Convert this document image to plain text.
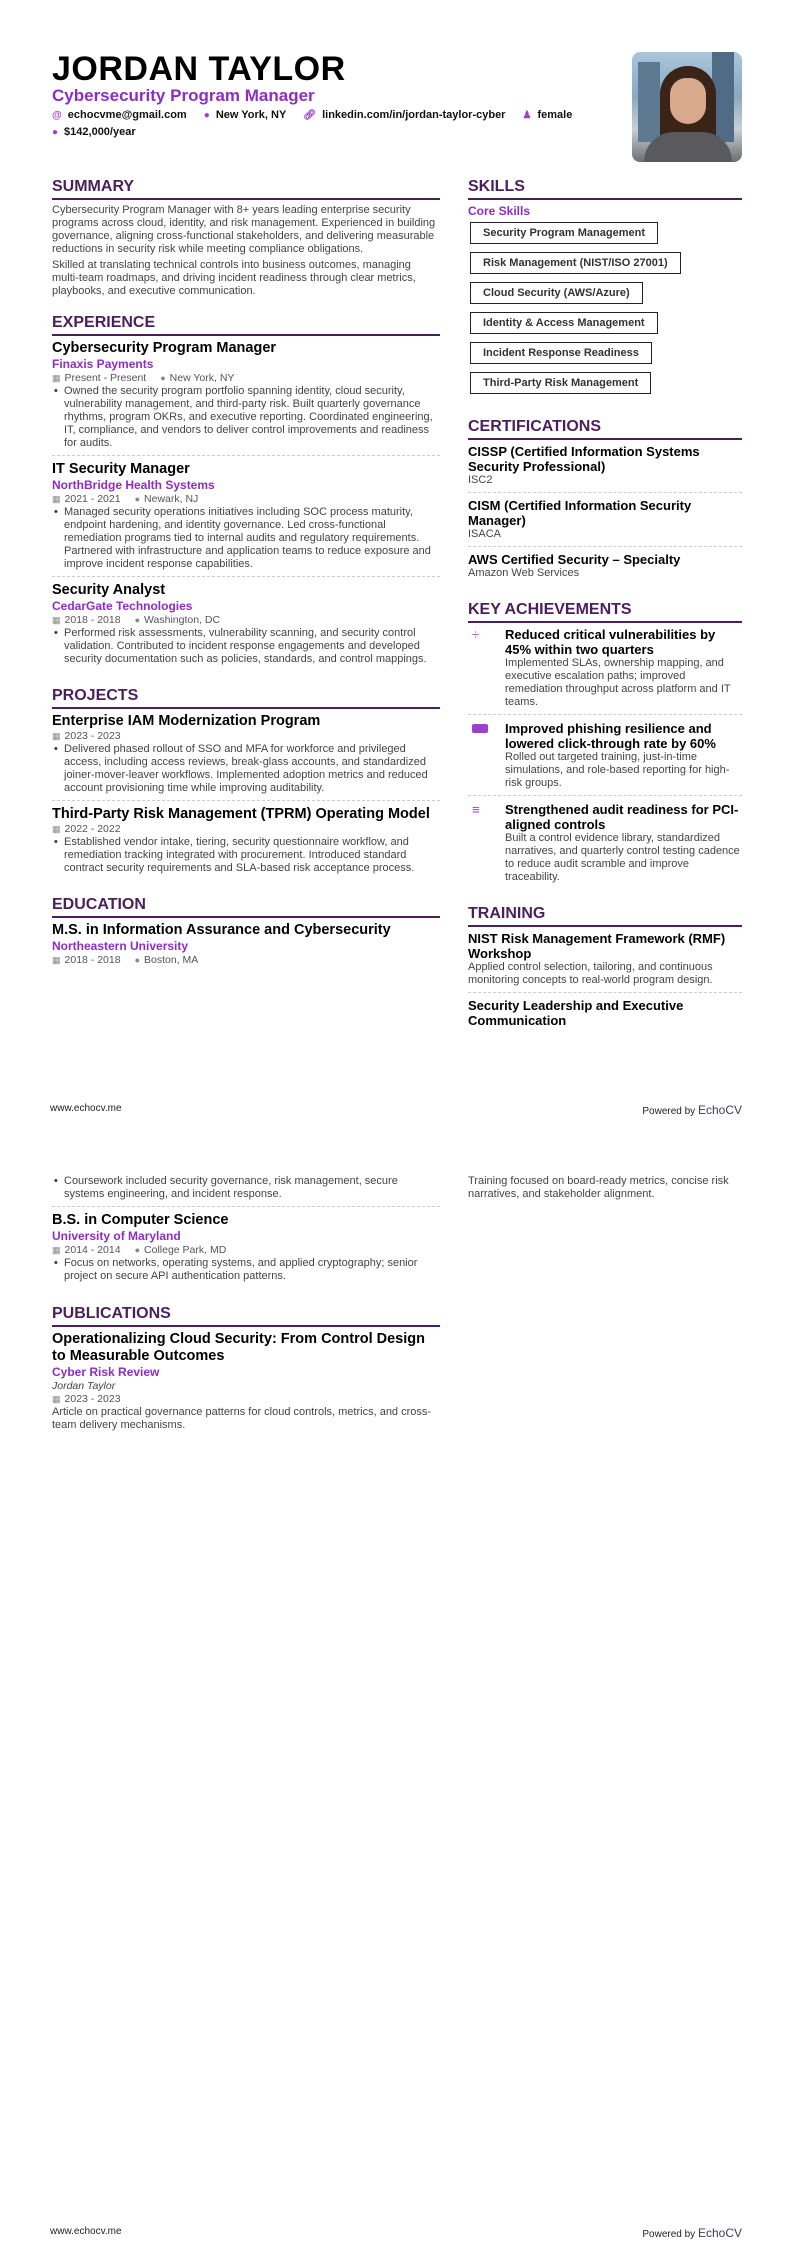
JORDAN TAYLOR
Cybersecurity Program Manager
@ echocvme@gmail.com
● New York, NY
🔗︎ linkedin.com/in/jordan-taylor-cyber
♟ female

● $142,000/year
SUMMARY

Cybersecurity Program Manager with 8+ years leading enterprise security programs across cloud, identity, and risk management. Experienced in building governance, aligning cross-functional stakeholders, and delivering measurable reductions in security risk while meeting compliance obligations.

Skilled at translating technical controls into business outcomes, managing multi-team roadmaps, and driving incident readiness through clear metrics, playbooks, and executive communication.

EXPERIENCE
Cybersecurity Program Manager
Finaxis Payments
▦ Present - Present ● New York, NY
• Owned the security program portfolio spanning identity, cloud security, vulnerability management, and third-party risk. Built quarterly governance rhythms, program OKRs, and executive reporting. Coordinated engineering, IT, compliance, and vendors to deliver control improvements and readiness for audits.
IT Security Manager
NorthBridge Health Systems
▦ 2021 - 2021 ● Newark, NJ
• Managed security operations initiatives including SOC process maturity, endpoint hardening, and identity governance. Led cross-functional remediation programs tied to internal audits and regulatory requirements. Partnered with infrastructure and application teams to reduce exposure and improve incident response capabilities.
Security Analyst
CedarGate Technologies
▦ 2018 - 2018 ● Washington, DC
• Performed risk assessments, vulnerability scanning, and security control validation. Contributed to incident response engagements and developed security documentation such as policies, standards, and control mappings.
PROJECTS
Enterprise IAM Modernization Program
▦ 2023 - 2023
• Delivered phased rollout of SSO and MFA for workforce and privileged access, including access reviews, break-glass accounts, and standardized joiner-mover-leaver workflows. Implemented adoption metrics and reduced account provisioning time while improving auditability.
Third-Party Risk Management (TPRM) Operating Model
▦ 2022 - 2022
• Established vendor intake, tiering, security questionnaire workflow, and remediation tracking integrated with procurement. Introduced standard contract security requirements and SLA-based risk acceptance process.
EDUCATION
M.S. in Information Assurance and Cybersecurity
Northeastern University
▦ 2018 - 2018 ● Boston, MA
SKILLS
Core Skills
Security Program Management
Risk Management (NIST/ISO 27001)
Cloud Security (AWS/Azure)
Identity & Access Management
Incident Response Readiness
Third-Party Risk Management
CERTIFICATIONS
CISSP (Certified Information Systems Security Professional)
ISC2
CISM (Certified Information Security Manager)
ISACA
AWS Certified Security – Specialty
Amazon Web Services
KEY ACHIEVEMENTS
÷	Reduced critical vulnerabilities by 45% within two quarters
Implemented SLAs, ownership mapping, and executive escalation paths; improved remediation throughput across platform and IT teams.
Improved phishing resilience and lowered click-through rate by 60%
Rolled out targeted training, just-in-time simulations, and role-based reporting for high-risk groups.
≡	Strengthened audit readiness for PCI-aligned controls
Built a control evidence library, standardized narratives, and quarterly control testing cadence to reduce audit scramble and improve traceability.
TRAINING
NIST Risk Management Framework (RMF) Workshop
Applied control selection, tailoring, and continuous monitoring concepts to real-world program design.
Security Leadership and Executive Communication
www.echocv.me	Powered by EchoCV
• Coursework included security governance, risk management, secure systems engineering, and incident response.
B.S. in Computer Science
University of Maryland
▦ 2014 - 2014 ● College Park, MD
• Focus on networks, operating systems, and applied cryptography; senior project on secure API authentication patterns.
PUBLICATIONS
Operationalizing Cloud Security: From Control Design to Measurable Outcomes
Cyber Risk Review
Jordan Taylor
▦ 2023 - 2023

Article on practical governance patterns for cloud controls, metrics, and cross-team delivery mechanisms.

Training focused on board-ready metrics, concise risk narratives, and stakeholder alignment.
www.echocv.me	Powered by EchoCV
